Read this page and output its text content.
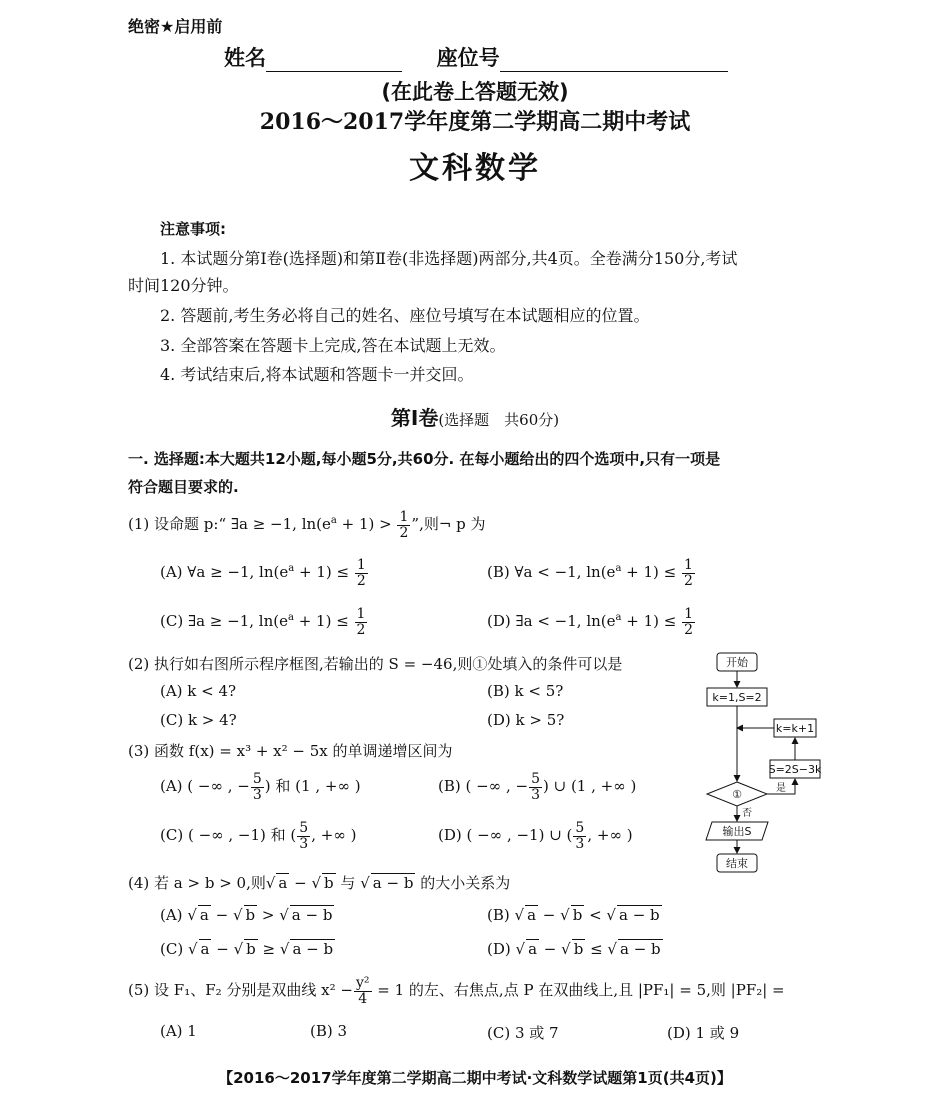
绝密★启用前
姓名	座位号
(在此卷上答题无效)
2016～2017学年度第二学期高二期中考试
文科数学
注意事项:
1. 本试题分第Ⅰ卷(选择题)和第Ⅱ卷(非选择题)两部分,共4页。全卷满分150分,考试
时间120分钟。
2. 答题前,考生务必将自己的姓名、座位号填写在本试题相应的位置。
3. 全部答案在答题卡上完成,答在本试题上无效。
4. 考试结束后,将本试题和答题卡一并交回。
第Ⅰ卷(选择题　共60分)
一. 选择题:本大题共12小题,每小题5分,共60分. 在每小题给出的四个选项中,只有一项是
符合题目要求的.
(1) 设命题 p:“ ∃a ≥ −1, $\ln(e^a + 1) > \frac{1}{2}$ ”,则¬ p 为
(A) ∀a ≥ −1, $\ln(e^a + 1) \le \frac{1}{2}$	(B) ∀a < −1, $\ln(e^a + 1) \le \frac{1}{2}$
(C) ∃a ≥ −1, $\ln(e^a + 1) \le \frac{1}{2}$	(D) ∃a < −1, $\ln(e^a + 1) \le \frac{1}{2}$
(2) 执行如右图所示程序框图,若输出的 S = −46,则①处填入的条件可以是
(A) k < 4?	(B) k < 5?
(C) k > 4?	(D) k > 5?
(3) 函数 f(x) = x³ + x² − 5x 的单调递增区间为
(A) ( −∞ , − $\frac{5}{3}$ ) 和 (1 , +∞ )	(B) ( −∞ , − $\frac{5}{3}$ ) ∪ (1 , +∞ )
(C) ( −∞ , −1) 和 ( $\frac{5}{3}$ , +∞ )	(D) ( −∞ , −1) ∪ ( $\frac{5}{3}$ , +∞ )
(4) 若 a > b > 0,则√ a − √ b 与 √ a − b 的大小关系为
(A) √ a − √ b > √ a − b	(B) √ a − √ b < √ a − b
(C) √ a − √ b ≥ √ a − b	(D) √ a − √ b ≤ √ a − b
(5) 设 F₁、F₂ 分别是双曲线 $x^2 - \frac{\text{y²}}{4} = 1$ 的左、右焦点,点 P 在双曲线上,且 |PF₁| = 5,则 |PF₂| =
(A) 1	(B) 3	(C) 3 或 7	(D) 1 或 9
开始
k=1,S=2
k=k+1
S=2S−3k
①	是
否
输出S
结束
【2016～2017学年度第二学期高二期中考试·文科数学试题第1页(共4页)】
